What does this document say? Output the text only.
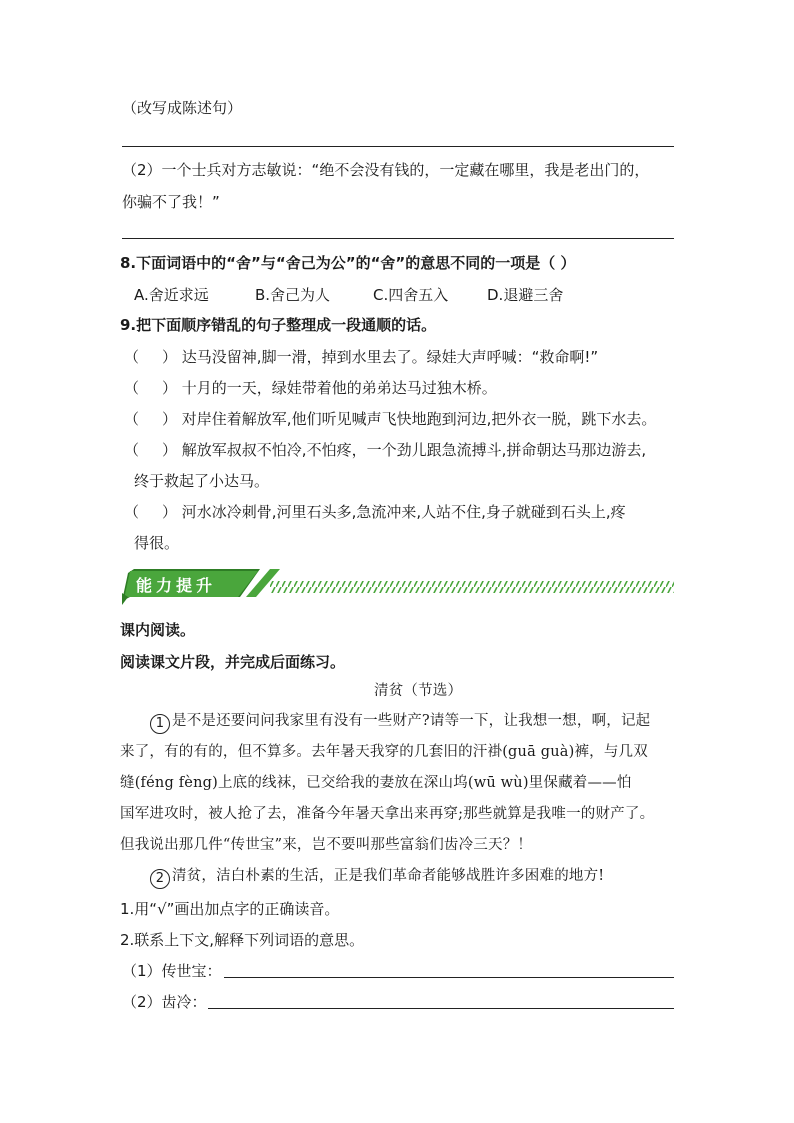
（改写成陈述句）
（2）一个士兵对方志敏说：“绝不会没有钱的，一定藏在哪里，我是老出门的，
你骗不了我！”
8.下面词语中的“舍”与“舍己为公”的“舍”的意思不同的一项是（ ）
A.舍近求远	B.舍己为人	C.四舍五入	D.退避三舍
9.把下面顺序错乱的句子整理成一段通顺的话。
（ ） 达马没留神,脚一滑，掉到水里去了。绿娃大声呼喊：“救命啊!”
（ ） 十月的一天，绿娃带着他的弟弟达马过独木桥。
（ ） 对岸住着解放军,他们听见喊声飞快地跑到河边,把外衣一脱，跳下水去。
（ ） 解放军叔叔不怕冷,不怕疼，一个劲儿跟急流搏斗,拼命朝达马那边游去,
终于救起了小达马。
（ ） 河水冰冷刺骨,河里石头多,急流冲来,人站不住,身子就碰到石头上,疼
得很。
能力提升
课内阅读。
阅读课文片段，并完成后面练习。
清贫（节选）
1 是不是还要问问我家里有没有一些财产?请等一下，让我想一想，啊，记起
来了，有的有的，但不算多。去年暑天我穿的几套旧的汗褂(guā guà)裤，与几双
缝(féng fèng)上底的线袜，已交给我的妻放在深山坞(wū wù)里保藏着——怕
国军进攻时，被人抢了去，准备今年暑天拿出来再穿;那些就算是我唯一的财产了。
但我说出那几件“传世宝”来，岂不要叫那些富翁们齿冷三天？！
2 清贫，洁白朴素的生活，正是我们革命者能够战胜许多困难的地方!
1.用“√”画出加点字的正确读音。
2.联系上下文,解释下列词语的意思。
（1）传世宝：
（2）齿冷：
